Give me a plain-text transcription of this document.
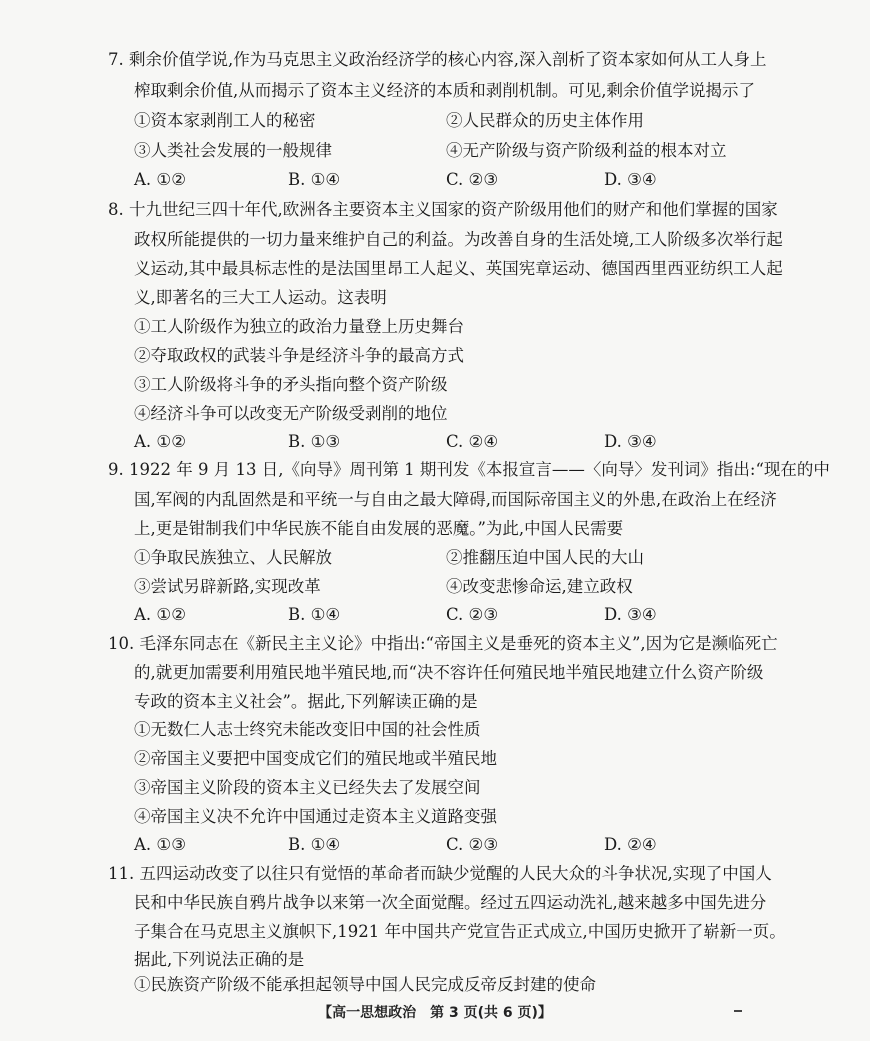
7. 剩余价值学说,作为马克思主义政治经济学的核心内容,深入剖析了资本家如何从工人身上
榨取剩余价值,从而揭示了资本主义经济的本质和剥削机制。可见,剩余价值学说揭示了
①资本家剥削工人的秘密	②人民群众的历史主体作用
③人类社会发展的一般规律	④无产阶级与资产阶级利益的根本对立
A. ①②	B. ①④	C. ②③	D. ③④
8. 十九世纪三四十年代,欧洲各主要资本主义国家的资产阶级用他们的财产和他们掌握的国家
政权所能提供的一切力量来维护自己的利益。为改善自身的生活处境,工人阶级多次举行起
义运动,其中最具标志性的是法国里昂工人起义、英国宪章运动、德国西里西亚纺织工人起
义,即著名的三大工人运动。这表明
①工人阶级作为独立的政治力量登上历史舞台
②夺取政权的武装斗争是经济斗争的最高方式
③工人阶级将斗争的矛头指向整个资产阶级
④经济斗争可以改变无产阶级受剥削的地位
A. ①②	B. ①③	C. ②④	D. ③④
9. 1922 年 9 月 13 日,《向导》周刊第 1 期刊发《本报宣言——〈向导〉发刊词》指出:“现在的中
国,军阀的内乱固然是和平统一与自由之最大障碍,而国际帝国主义的外患,在政治上在经济
上,更是钳制我们中华民族不能自由发展的恶魔。”为此,中国人民需要
①争取民族独立、人民解放	②推翻压迫中国人民的大山
③尝试另辟新路,实现改革	④改变悲惨命运,建立政权
A. ①②	B. ①④	C. ②③	D. ③④
10. 毛泽东同志在《新民主主义论》中指出:“帝国主义是垂死的资本主义”,因为它是濒临死亡
的,就更加需要利用殖民地半殖民地,而“决不容许任何殖民地半殖民地建立什么资产阶级
专政的资本主义社会”。据此,下列解读正确的是
①无数仁人志士终究未能改变旧中国的社会性质
②帝国主义要把中国变成它们的殖民地或半殖民地
③帝国主义阶段的资本主义已经失去了发展空间
④帝国主义决不允许中国通过走资本主义道路变强
A. ①③	B. ①④	C. ②③	D. ②④
11. 五四运动改变了以往只有觉悟的革命者而缺少觉醒的人民大众的斗争状况,实现了中国人
民和中华民族自鸦片战争以来第一次全面觉醒。经过五四运动洗礼,越来越多中国先进分
子集合在马克思主义旗帜下,1921 年中国共产党宣告正式成立,中国历史掀开了崭新一页。
据此,下列说法正确的是
①民族资产阶级不能承担起领导中国人民完成反帝反封建的使命
【高一思想政治　第 3 页(共 6 页)】
